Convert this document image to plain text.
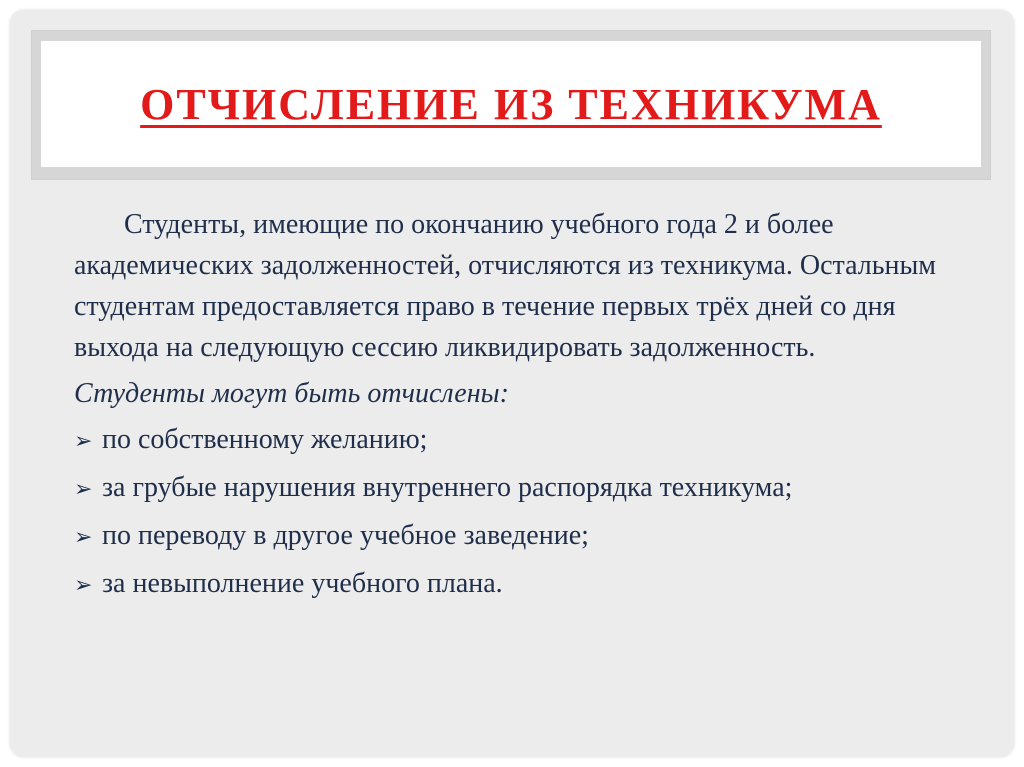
ОТЧИСЛЕНИЕ ИЗ ТЕХНИКУМА

Студенты, имеющие по окончанию учебного года 2 и более академических задолженностей, отчисляются из техникума. Остальным студентам предоставляется право в течение первых трёх дней со дня выхода на следующую сессию ликвидировать задолженность.

Студенты могут быть отчислены:

➢ по собственному желанию;
➢ за грубые нарушения внутреннего распорядка техникума;
➢ по переводу в другое учебное заведение;
➢ за невыполнение учебного плана.
